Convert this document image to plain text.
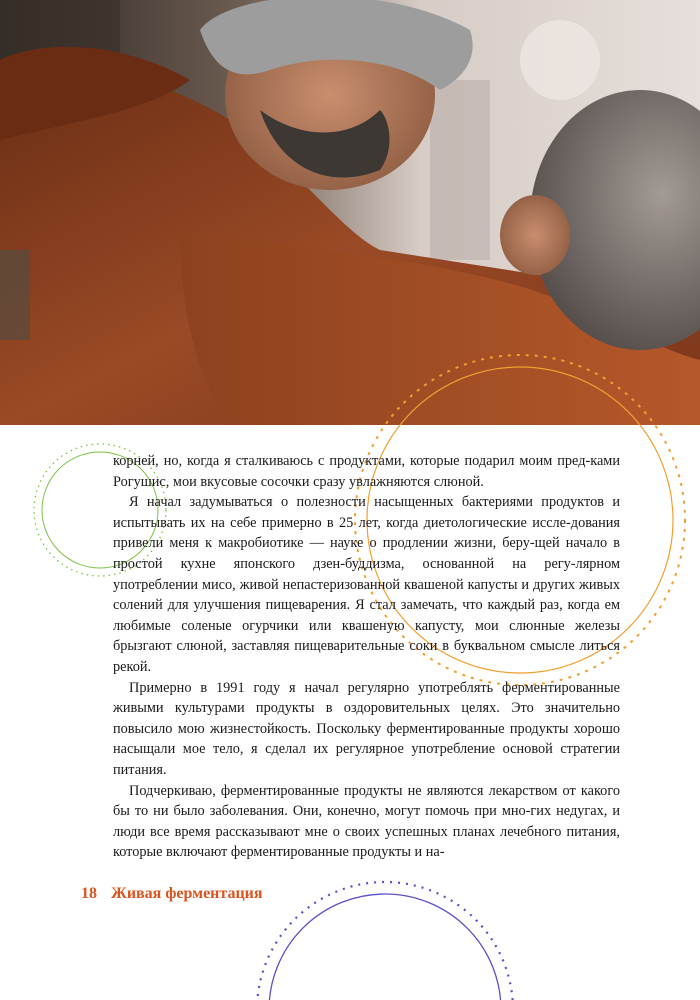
корней, но, когда я сталкиваюсь с продуктами, которые подарил моим пред-ками Рогушис, мои вкусовые сосочки сразу увлажняются слюной.

Я начал задумываться о полезности насыщенных бактериями продуктов и испытывать их на себе примерно в 25 лет, когда диетологические иссле-дования привели меня к макробиотике — науке о продлении жизни, беру-щей начало в простой кухне японского дзен-буддизма, основанной на регу-лярном употреблении мисо, живой непастеризованной квашеной капусты и других живых солений для улучшения пищеварения. Я стал замечать, что каждый раз, когда ем любимые соленые огурчики или квашеную капусту, мои слюнные железы брызгают слюной, заставляя пищеварительные соки в буквальном смысле литься рекой.

Примерно в 1991 году я начал регулярно употреблять ферментированные живыми культурами продукты в оздоровительных целях. Это значительно повысило мою жизнестойкость. Поскольку ферментированные продукты хорошо насыщали мое тело, я сделал их регулярное употребление основой стратегии питания.

Подчеркиваю, ферментированные продукты не являются лекарством от какого бы то ни было заболевания. Они, конечно, могут помочь при мно-гих недугах, и люди все время рассказывают мне о своих успешных планах лечебного питания, которые включают ферментированные продукты и на-

18 Живая ферментация
